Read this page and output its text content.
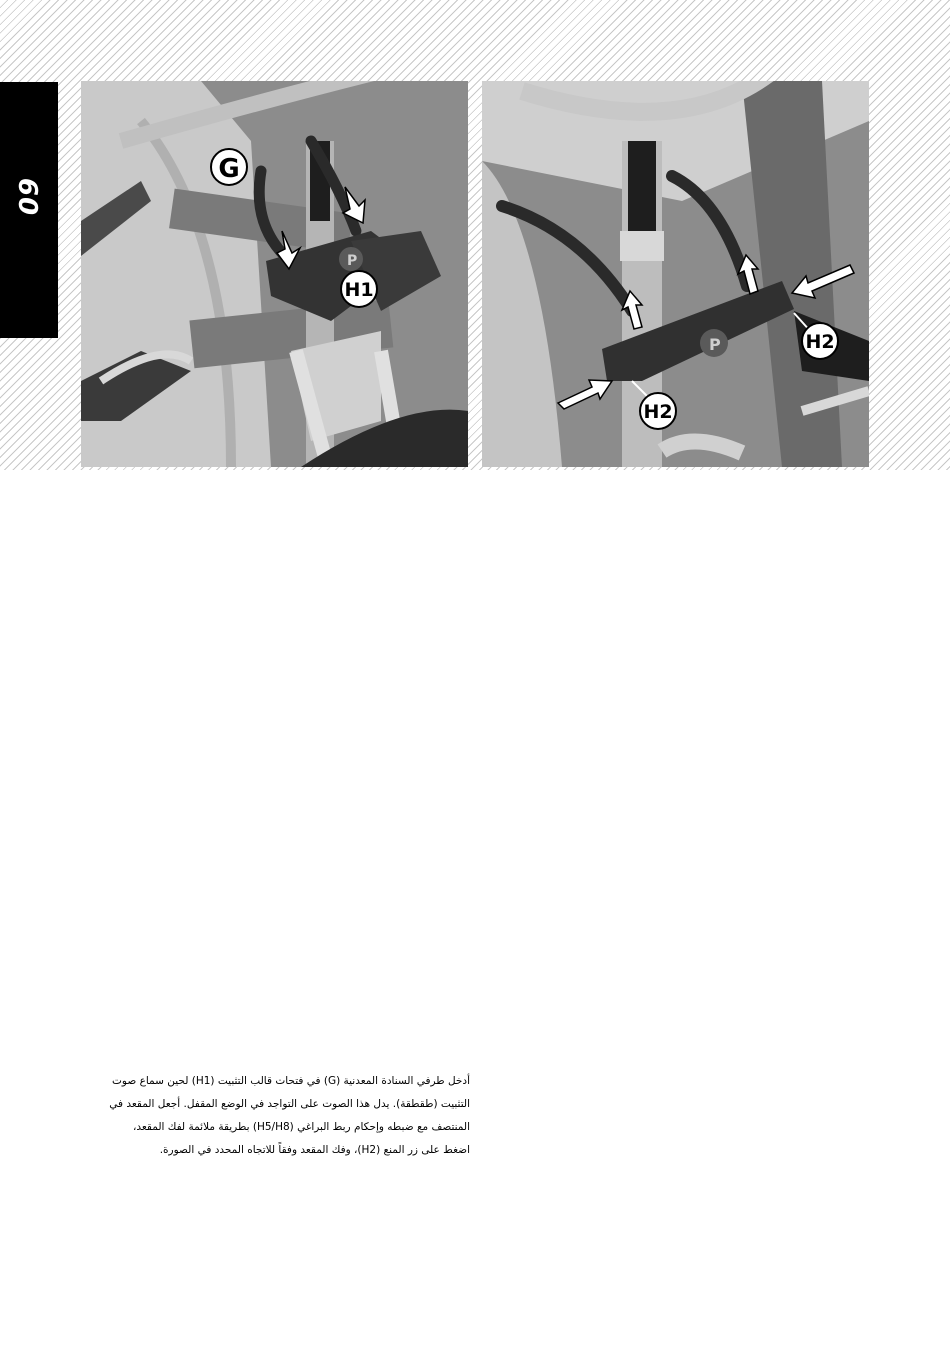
60
P
G
H1
P	H2
H2

أدخل طرفي السنادة المعدنية (G) في فتحات قالب التثبيت (H1) لحين سماع صوت

التثبيت (طقطقة). يدل هذا الصوت على التواجد في الوضع المقفل. أجعل المقعد في

المنتصف مع ضبطه وإحكام ربط البراغي (H5/H8) بطريقة ملائمة لفك المقعد،

اضغط على زر المنع (H2)، وفك المقعد وفقاً للاتجاه المحدد في الصورة.
